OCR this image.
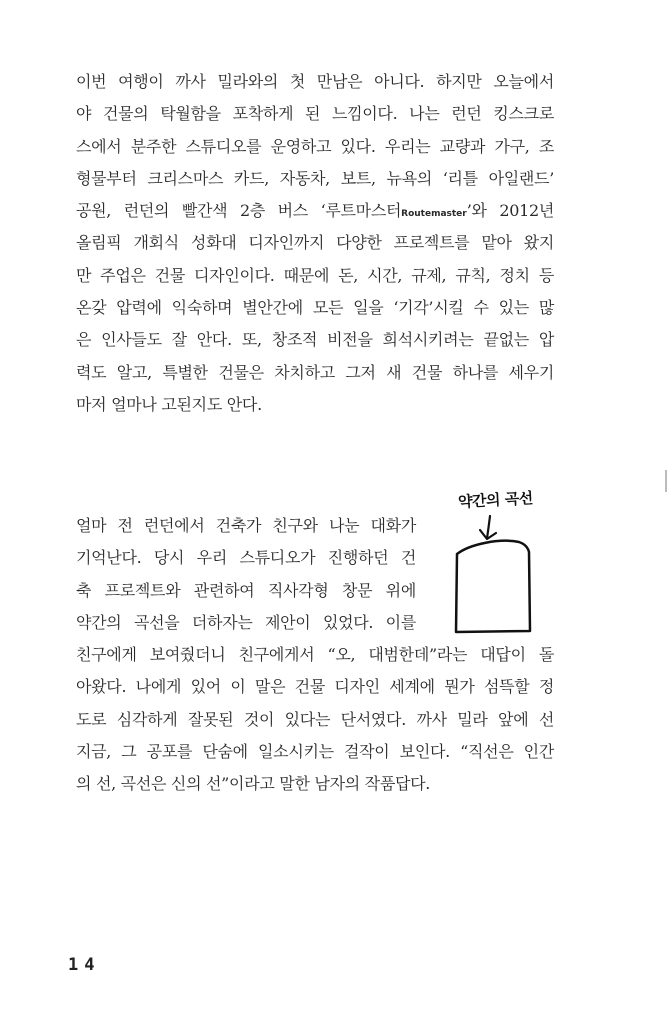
이번 여행이 까사 밀라와의 첫 만남은 아니다. 하지만 오늘에서
야 건물의 탁월함을 포착하게 된 느낌이다. 나는 런던 킹스크로
스에서 분주한 스튜디오를 운영하고 있다. 우리는 교량과 가구, 조
형물부터 크리스마스 카드, 자동차, 보트, 뉴욕의 ‘리틀 아일랜드’
공원, 런던의 빨간색 2층 버스 ‘루트마스터Routemaster’와 2012년
올림픽 개회식 성화대 디자인까지 다양한 프로젝트를 맡아 왔지
만 주업은 건물 디자인이다. 때문에 돈, 시간, 규제, 규칙, 정치 등
온갖 압력에 익숙하며 별안간에 모든 일을 ‘기각’시킬 수 있는 많
은 인사들도 잘 안다. 또, 창조적 비전을 희석시키려는 끝없는 압
력도 알고, 특별한 건물은 차치하고 그저 새 건물 하나를 세우기
마저 얼마나 고된지도 안다.
얼마 전 런던에서 건축가 친구와 나눈 대화가
기억난다. 당시 우리 스튜디오가 진행하던 건
축 프로젝트와 관련하여 직사각형 창문 위에
약간의 곡선을 더하자는 제안이 있었다. 이를
친구에게 보여줬더니 친구에게서 “오, 대범한데”라는 대답이 돌
아왔다. 나에게 있어 이 말은 건물 디자인 세계에 뭔가 섬뜩할 정
도로 심각하게 잘못된 것이 있다는 단서였다. 까사 밀라 앞에 선
지금, 그 공포를 단숨에 일소시키는 걸작이 보인다. “직선은 인간
의 선, 곡선은 신의 선”이라고 말한 남자의 작품답다.
약간의 곡선
14
